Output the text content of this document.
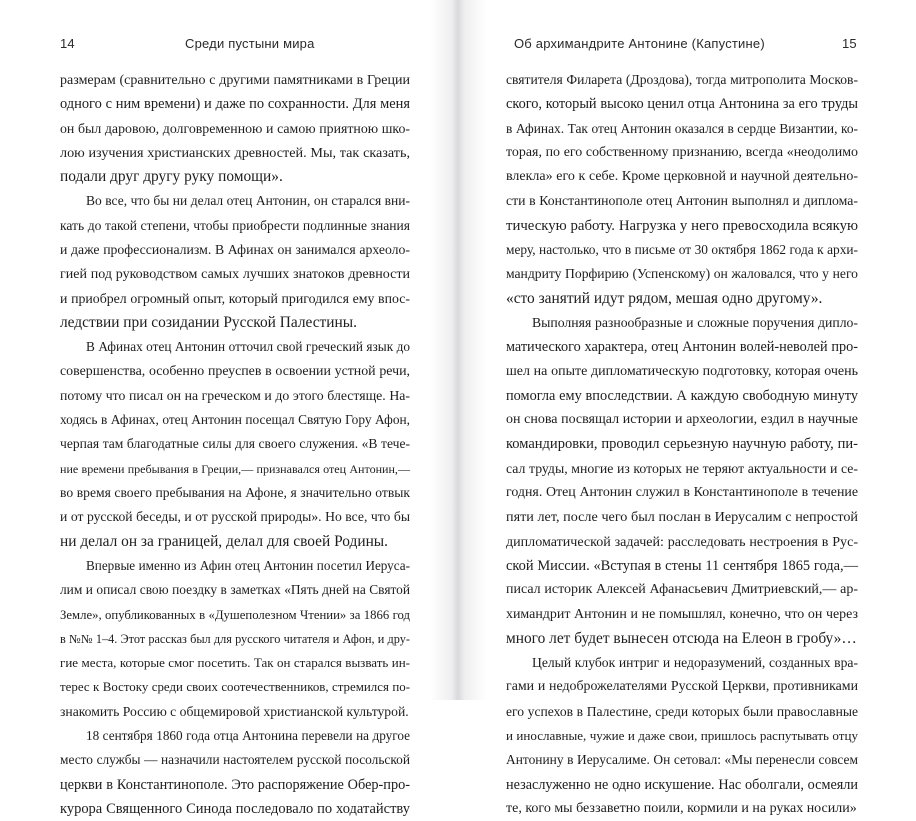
14	Среди пустыни мира
размерам (сравнительно с другими памятниками в Греции
одного с ним времени) и даже по сохранности. Для меня
он был даровою, долговременною и самою приятною шко-
лою изучения христианских древностей. Мы, так сказать,
подали друг другу руку помощи».
Во все, что бы ни делал отец Антонин, он старался вни-
кать до такой степени, чтобы приобрести подлинные знания
и даже профессионализм. В Афинах он занимался археоло-
гией под руководством самых лучших знатоков древности
и приобрел огромный опыт, который пригодился ему впос-
ледствии при созидании Русской Палестины.
В Афинах отец Антонин отточил свой греческий язык до
совершенства, особенно преуспев в освоении устной речи,
потому что писал он на греческом и до этого блестяще. На-
ходясь в Афинах, отец Антонин посещал Святую Гору Афон,
черпая там благодатные силы для своего служения. «В тече-
ние времени пребывания в Греции,— признавался отец Антонин,—
во время своего пребывания на Афоне, я значительно отвык
и от русской беседы, и от русской природы». Но все, что бы
ни делал он за границей, делал для своей Родины.
Впервые именно из Афин отец Антонин посетил Иеруса-
лим и описал свою поездку в заметках «Пять дней на Святой
Земле», опубликованных в «Душеполезном Чтении» за 1866 год
в №№ 1–4. Этот рассказ был для русского читателя и Афон, и дру-
гие места, которые смог посетить. Так он старался вызвать ин-
терес к Востоку среди своих соотечественников, стремился по-
знакомить Россию с общемировой христианской культурой.
18 сентября 1860 года отца Антонина перевели на другое
место службы — назначили настоятелем русской посольской
церкви в Константинополе. Это распоряжение Обер-про-
курора Священного Синода последовало по ходатайству
Об архимандрите Антонине (Капустине)	15
святителя Филарета (Дроздова), тогда митрополита Москов-
ского, который высоко ценил отца Антонина за его труды
в Афинах. Так отец Антонин оказался в сердце Византии, ко-
торая, по его собственному признанию, всегда «неодолимо
влекла» его к себе. Кроме церковной и научной деятельно-
сти в Константинополе отец Антонин выполнял и диплома-
тическую работу. Нагрузка у него превосходила всякую
меру, настолько, что в письме от 30 октября 1862 года к архи-
мандриту Порфирию (Успенскому) он жаловался, что у него
«сто занятий идут рядом, мешая одно другому».
Выполняя разнообразные и сложные поручения дипло-
матического характера, отец Антонин волей-неволей про-
шел на опыте дипломатическую подготовку, которая очень
помогла ему впоследствии. А каждую свободную минуту
он снова посвящал истории и археологии, ездил в научные
командировки, проводил серьезную научную работу, пи-
сал труды, многие из которых не теряют актуальности и се-
годня. Отец Антонин служил в Константинополе в течение
пяти лет, после чего был послан в Иерусалим с непростой
дипломатической задачей: расследовать нестроения в Рус-
ской Миссии. «Вступая в стены 11 сентября 1865 года,—
писал историк Алексей Афанасьевич Дмитриевский,— ар-
химандрит Антонин и не помышлял, конечно, что он через
много лет будет вынесен отсюда на Елеон в гробу»…
Целый клубок интриг и недоразумений, созданных вра-
гами и недоброжелателями Русской Церкви, противниками
его успехов в Палестине, среди которых были православные
и инославные, чужие и даже свои, пришлось распутывать отцу
Антонину в Иерусалиме. Он сетовал: «Мы перенесли совсем
незаслуженно не одно искушение. Нас оболгали, осмеяли
те, кого мы беззаветно поили, кормили и на руках носили»
